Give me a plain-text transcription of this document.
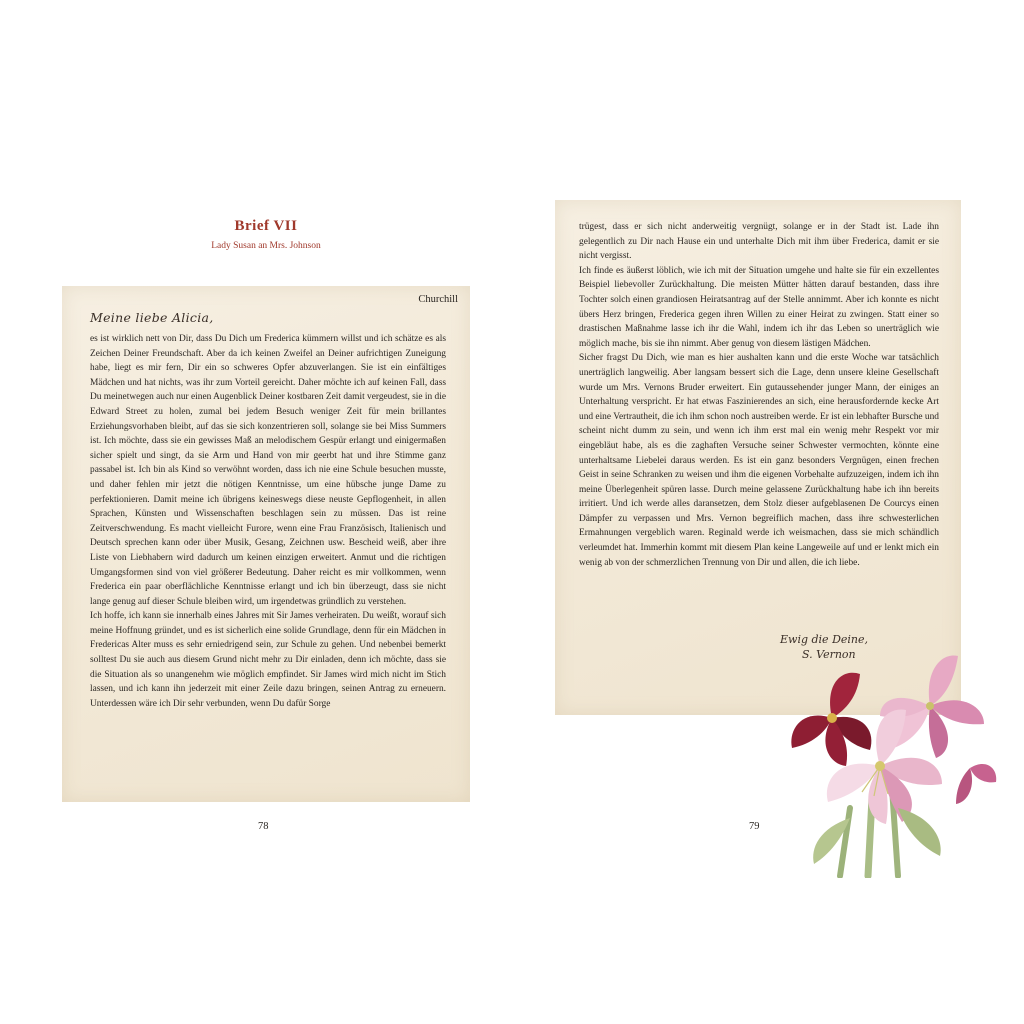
Brief VII
Lady Susan an Mrs. Johnson
Churchill
Meine liebe Alicia,

es ist wirklich nett von Dir, dass Du Dich um Frederica kümmern willst und ich schätze es als Zeichen Deiner Freundschaft. Aber da ich keinen Zweifel an Deiner aufrichtigen Zuneigung habe, liegt es mir fern, Dir ein so schweres Opfer abzuverlangen. Sie ist ein einfältiges Mädchen und hat nichts, was ihr zum Vorteil gereicht. Daher möchte ich auf keinen Fall, dass Du meinetwegen auch nur einen Augenblick Deiner kostbaren Zeit damit vergeudest, sie in die Edward Street zu holen, zumal bei jedem Besuch weniger Zeit für mein brillantes Erziehungsvorhaben bleibt, auf das sie sich konzentrieren soll, solange sie bei Miss Summers ist. Ich möchte, dass sie ein gewisses Maß an melodischem Gespür erlangt und einigermaßen sicher spielt und singt, da sie Arm und Hand von mir geerbt hat und ihre Stimme ganz passabel ist. Ich bin als Kind so verwöhnt worden, dass ich nie eine Schule besuchen musste, und daher fehlen mir jetzt die nötigen Kenntnisse, um eine hübsche junge Dame zu perfektionieren. Damit meine ich übrigens keineswegs diese neuste Gepflogenheit, in allen Sprachen, Künsten und Wissenschaften beschlagen sein zu müssen. Das ist reine Zeitverschwendung. Es macht vielleicht Furore, wenn eine Frau Französisch, Italienisch und Deutsch sprechen kann oder über Musik, Gesang, Zeichnen usw. Bescheid weiß, aber ihre Liste von Liebhabern wird dadurch um keinen einzigen erweitert. Anmut und die richtigen Umgangsformen sind von viel größerer Bedeutung. Daher reicht es mir vollkommen, wenn Frederica ein paar oberflächliche Kenntnisse erlangt und ich bin überzeugt, dass sie nicht lange genug auf dieser Schule bleiben wird, um irgendetwas gründlich zu verstehen.

Ich hoffe, ich kann sie innerhalb eines Jahres mit Sir James verheiraten. Du weißt, worauf sich meine Hoffnung gründet, und es ist sicherlich eine solide Grundlage, denn für ein Mädchen in Fredericas Alter muss es sehr erniedrigend sein, zur Schule zu gehen. Und nebenbei bemerkt solltest Du sie auch aus diesem Grund nicht mehr zu Dir einladen, denn ich möchte, dass sie die Situation als so unangenehm wie möglich empfindet. Sir James wird mich nicht im Stich lassen, und ich kann ihn jederzeit mit einer Zeile dazu bringen, seinen Antrag zu erneuern. Unterdessen wäre ich Dir sehr verbunden, wenn Du dafür Sorge

78

trügest, dass er sich nicht anderweitig vergnügt, solange er in der Stadt ist. Lade ihn gelegentlich zu Dir nach Hause ein und unterhalte Dich mit ihm über Frederica, damit er sie nicht vergisst.

Ich finde es äußerst löblich, wie ich mit der Situation umgehe und halte sie für ein exzellentes Beispiel liebevoller Zurückhaltung. Die meisten Mütter hätten darauf bestanden, dass ihre Tochter solch einen grandiosen Heiratsantrag auf der Stelle annimmt. Aber ich konnte es nicht übers Herz bringen, Frederica gegen ihren Willen zu einer Heirat zu zwingen. Statt einer so drastischen Maßnahme lasse ich ihr die Wahl, indem ich ihr das Leben so unerträglich wie möglich mache, bis sie ihn nimmt. Aber genug von diesem lästigen Mädchen.

Sicher fragst Du Dich, wie man es hier aushalten kann und die erste Woche war tatsächlich unerträglich langweilig. Aber langsam bessert sich die Lage, denn unsere kleine Gesellschaft wurde um Mrs. Vernons Bruder erweitert. Ein gutaussehender junger Mann, der einiges an Unterhaltung verspricht. Er hat etwas Faszinierendes an sich, eine herausfordernde kecke Art und eine Vertrautheit, die ich ihm schon noch austreiben werde. Er ist ein lebhafter Bursche und scheint nicht dumm zu sein, und wenn ich ihm erst mal ein wenig mehr Respekt vor mir eingebläut habe, als es die zaghaften Versuche seiner Schwester vermochten, könnte eine unterhaltsame Liebelei daraus werden. Es ist ein ganz besonders Vergnügen, einen frechen Geist in seine Schranken zu weisen und ihm die eigenen Vorbehalte aufzuzeigen, indem ich ihn meine Überlegenheit spüren lasse. Durch meine gelassene Zurückhaltung habe ich ihn bereits irritiert. Und ich werde alles daransetzen, dem Stolz dieser aufgeblasenen De Courcys einen Dämpfer zu verpassen und Mrs. Vernon begreiflich machen, dass ihre schwesterlichen Ermahnungen vergeblich waren. Reginald werde ich weismachen, dass sie mich schändlich verleumdet hat. Immerhin kommt mit diesem Plan keine Langeweile auf und er lenkt mich ein wenig ab von der schmerzlichen Trennung von Dir und allen, die ich liebe.

Ewig die Deine,
S. Vernon
79
